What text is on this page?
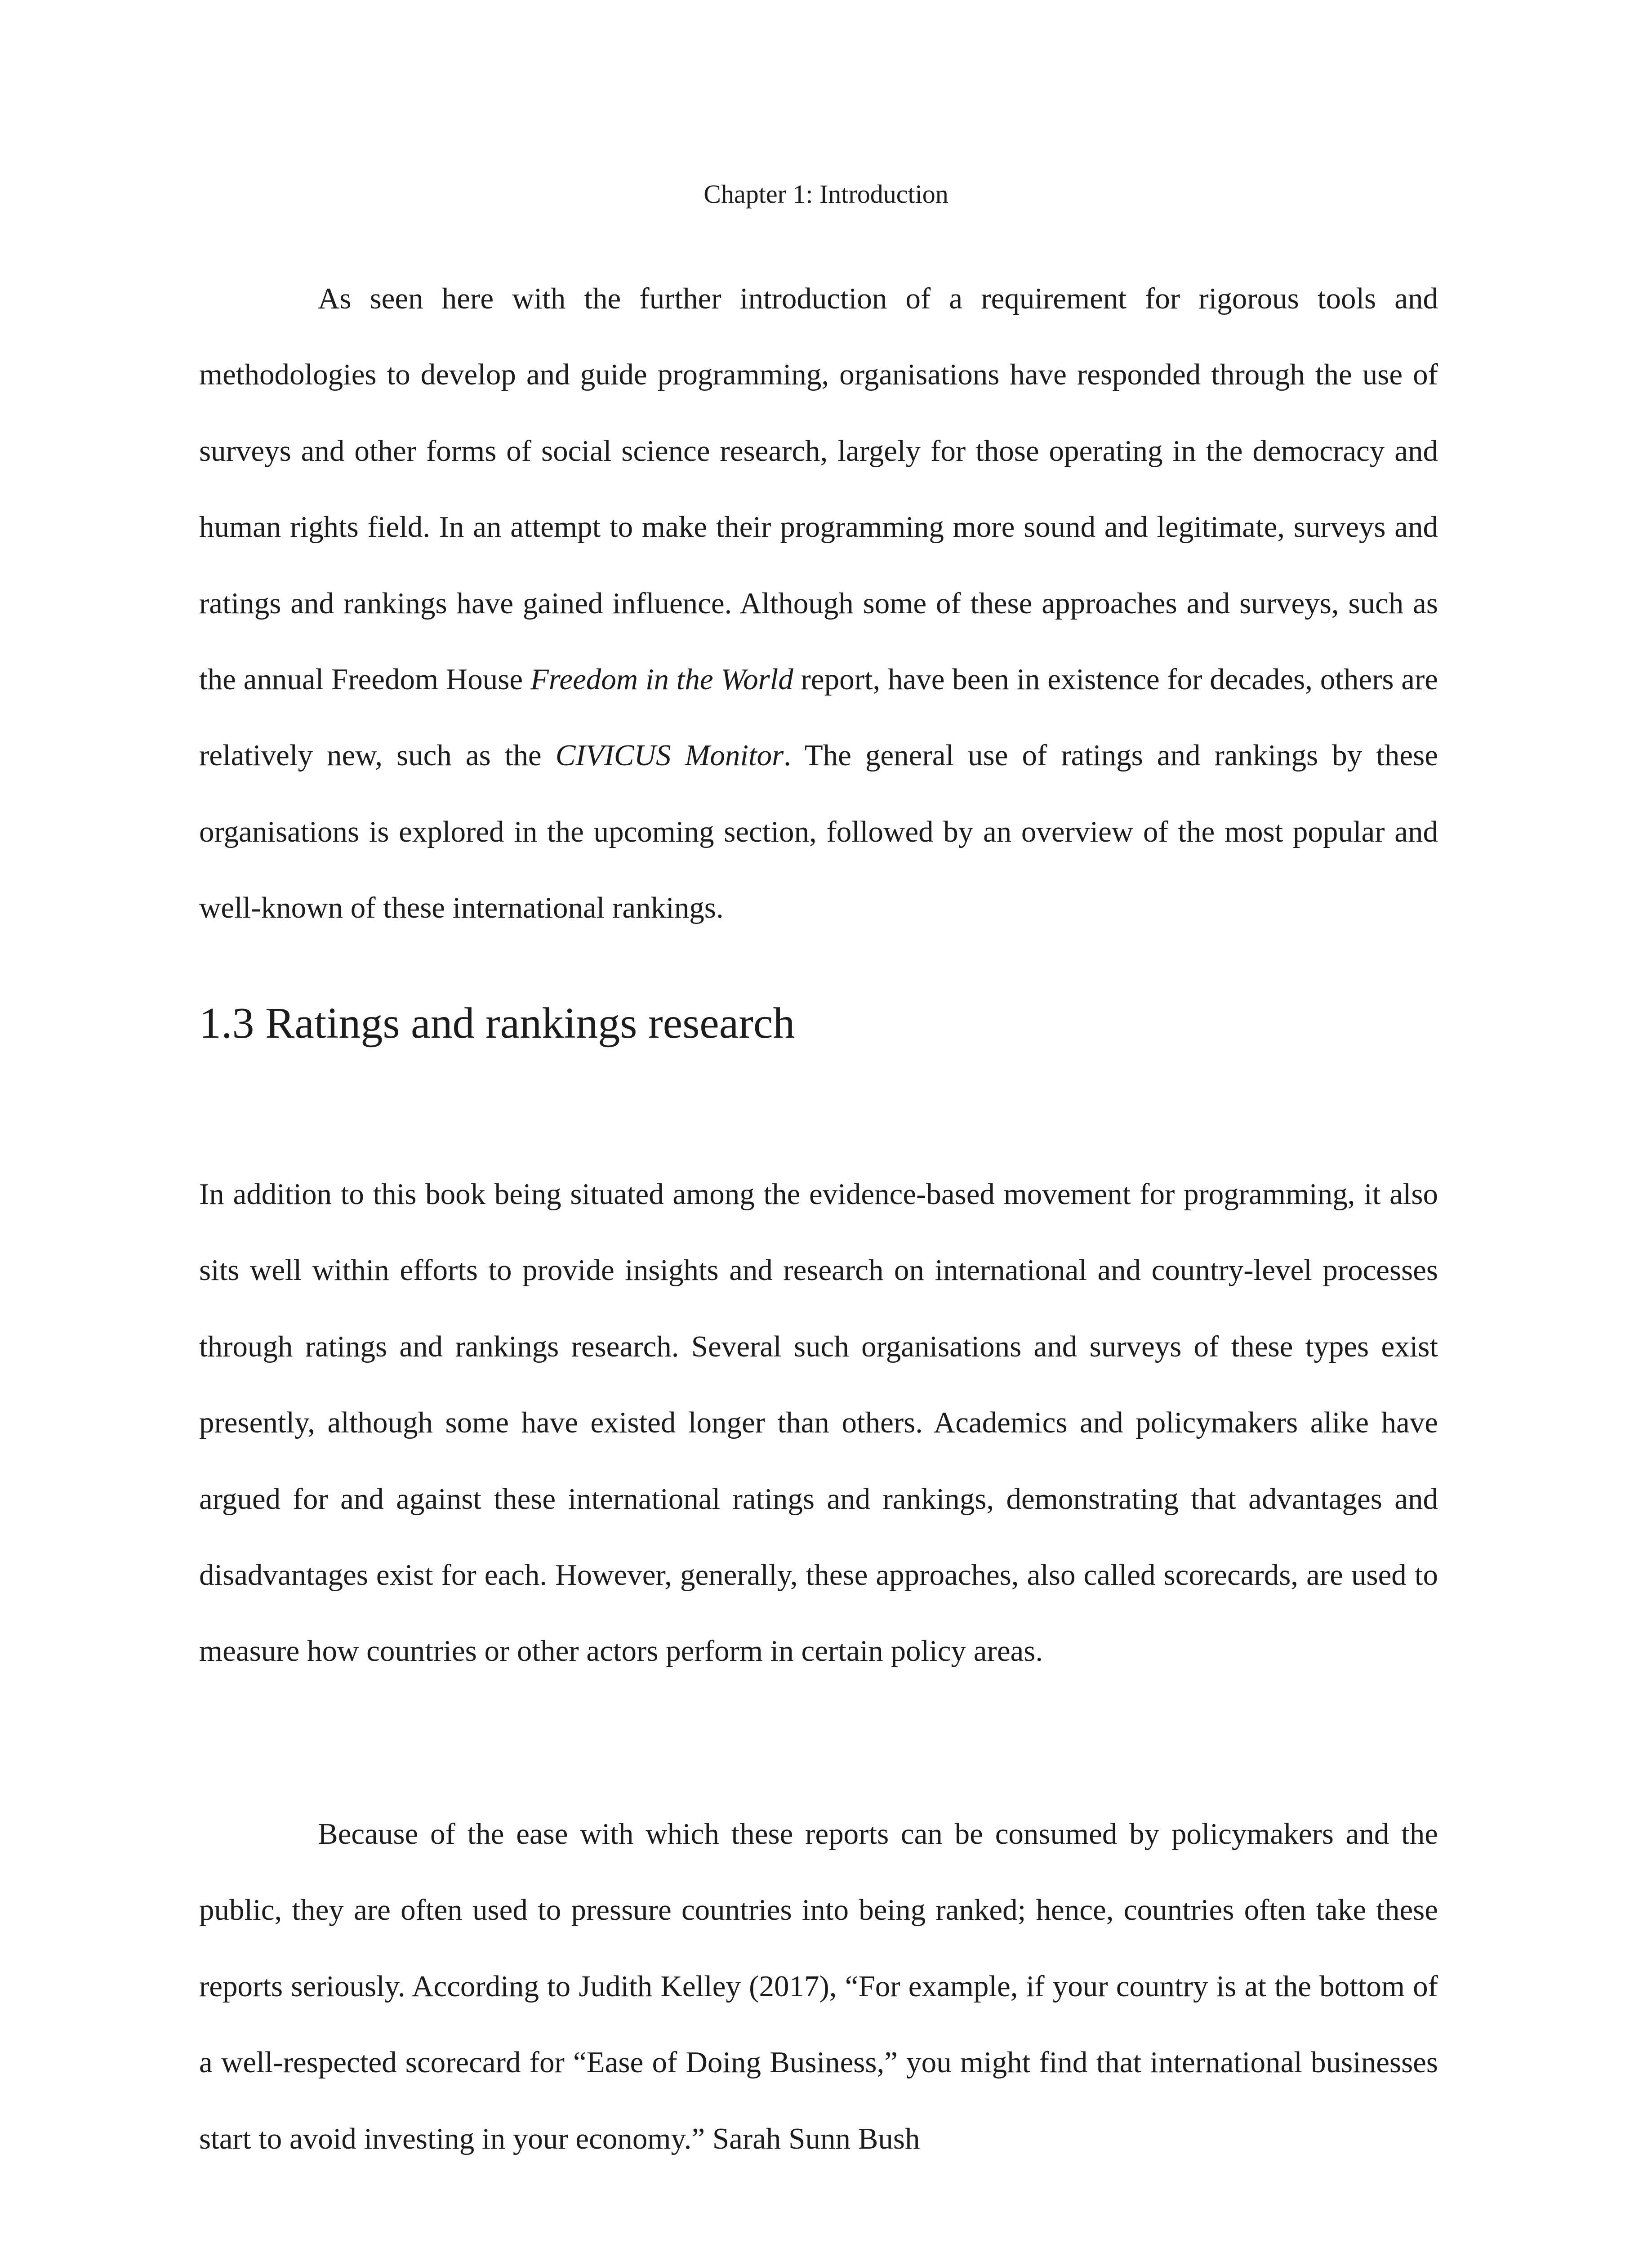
Chapter 1: Introduction

As seen here with the further introduction of a requirement for rigorous tools and methodologies to develop and guide programming, organisations have responded through the use of surveys and other forms of social science research, largely for those operating in the democracy and human rights field. In an attempt to make their programming more sound and legitimate, surveys and ratings and rankings have gained influence. Although some of these approaches and surveys, such as the annual Freedom House Freedom in the World report, have been in existence for decades, others are relatively new, such as the CIVICUS Monitor. The general use of ratings and rankings by these organisations is explored in the upcoming section, followed by an overview of the most popular and well-known of these international rankings.

1.3 Ratings and rankings research

In addition to this book being situated among the evidence-based movement for programming, it also sits well within efforts to provide insights and research on international and country-level processes through ratings and rankings research. Several such organisations and surveys of these types exist presently, although some have existed longer than others. Academics and policymakers alike have argued for and against these international ratings and rankings, demonstrating that advantages and disadvantages exist for each. However, generally, these approaches, also called scorecards, are used to measure how countries or other actors perform in certain policy areas.

Because of the ease with which these reports can be consumed by policymakers and the public, they are often used to pressure countries into being ranked; hence, countries often take these reports seriously. According to Judith Kelley (2017), “For example, if your country is at the bottom of a well-respected scorecard for “Ease of Doing Business,” you might find that international businesses start to avoid investing in your economy.” Sarah Sunn Bush
